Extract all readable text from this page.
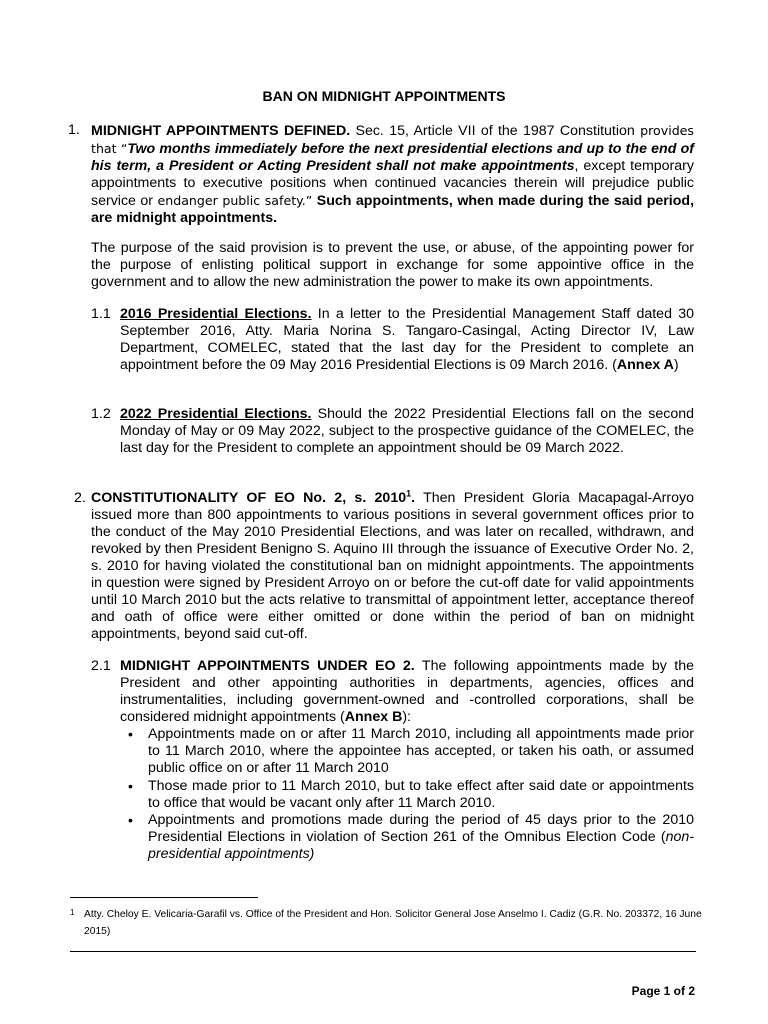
BAN ON MIDNIGHT APPOINTMENTS
1. MIDNIGHT APPOINTMENTS DEFINED. Sec. 15, Article VII of the 1987 Constitution provides that “Two months immediately before the next presidential elections and up to the end of his term, a President or Acting President shall not make appointments, except temporary appointments to executive positions when continued vacancies therein will prejudice public service or endanger public safety.” Such appointments, when made during the said period, are midnight appointments.
The purpose of the said provision is to prevent the use, or abuse, of the appointing power for the purpose of enlisting political support in exchange for some appointive office in the government and to allow the new administration the power to make its own appointments.
1.1 2016 Presidential Elections. In a letter to the Presidential Management Staff dated 30 September 2016, Atty. Maria Norina S. Tangaro-Casingal, Acting Director IV, Law Department, COMELEC, stated that the last day for the President to complete an appointment before the 09 May 2016 Presidential Elections is 09 March 2016. (Annex A)
1.2 2022 Presidential Elections. Should the 2022 Presidential Elections fall on the second Monday of May or 09 May 2022, subject to the prospective guidance of the COMELEC, the last day for the President to complete an appointment should be 09 March 2022.
2. CONSTITUTIONALITY OF EO No. 2, s. 2010$^1$. Then President Gloria Macapagal-Arroyo issued more than 800 appointments to various positions in several government offices prior to the conduct of the May 2010 Presidential Elections, and was later on recalled, withdrawn, and revoked by then President Benigno S. Aquino III through the issuance of Executive Order No. 2, s. 2010 for having violated the constitutional ban on midnight appointments. The appointments in question were signed by President Arroyo on or before the cut-off date for valid appointments until 10 March 2010 but the acts relative to transmittal of appointment letter, acceptance thereof and oath of office were either omitted or done within the period of ban on midnight appointments, beyond said cut-off.
2.1 MIDNIGHT APPOINTMENTS UNDER EO 2. The following appointments made by the President and other appointing authorities in departments, agencies, offices and instrumentalities, including government-owned and -controlled corporations, shall be considered midnight appointments (Annex B):
• Appointments made on or after 11 March 2010, including all appointments made prior to 11 March 2010, where the appointee has accepted, or taken his oath, or assumed public office on or after 11 March 2010
• Those made prior to 11 March 2010, but to take effect after said date or appointments to office that would be vacant only after 11 March 2010.
• Appointments and promotions made during the period of 45 days prior to the 2010 Presidential Elections in violation of Section 261 of the Omnibus Election Code (non-presidential appointments)
1 Atty. Cheloy E. Velicaria-Garafil vs. Office of the President and Hon. Solicitor General Jose Anselmo I. Cadiz (G.R. No. 203372, 16 June 2015)
Page 1 of 2
